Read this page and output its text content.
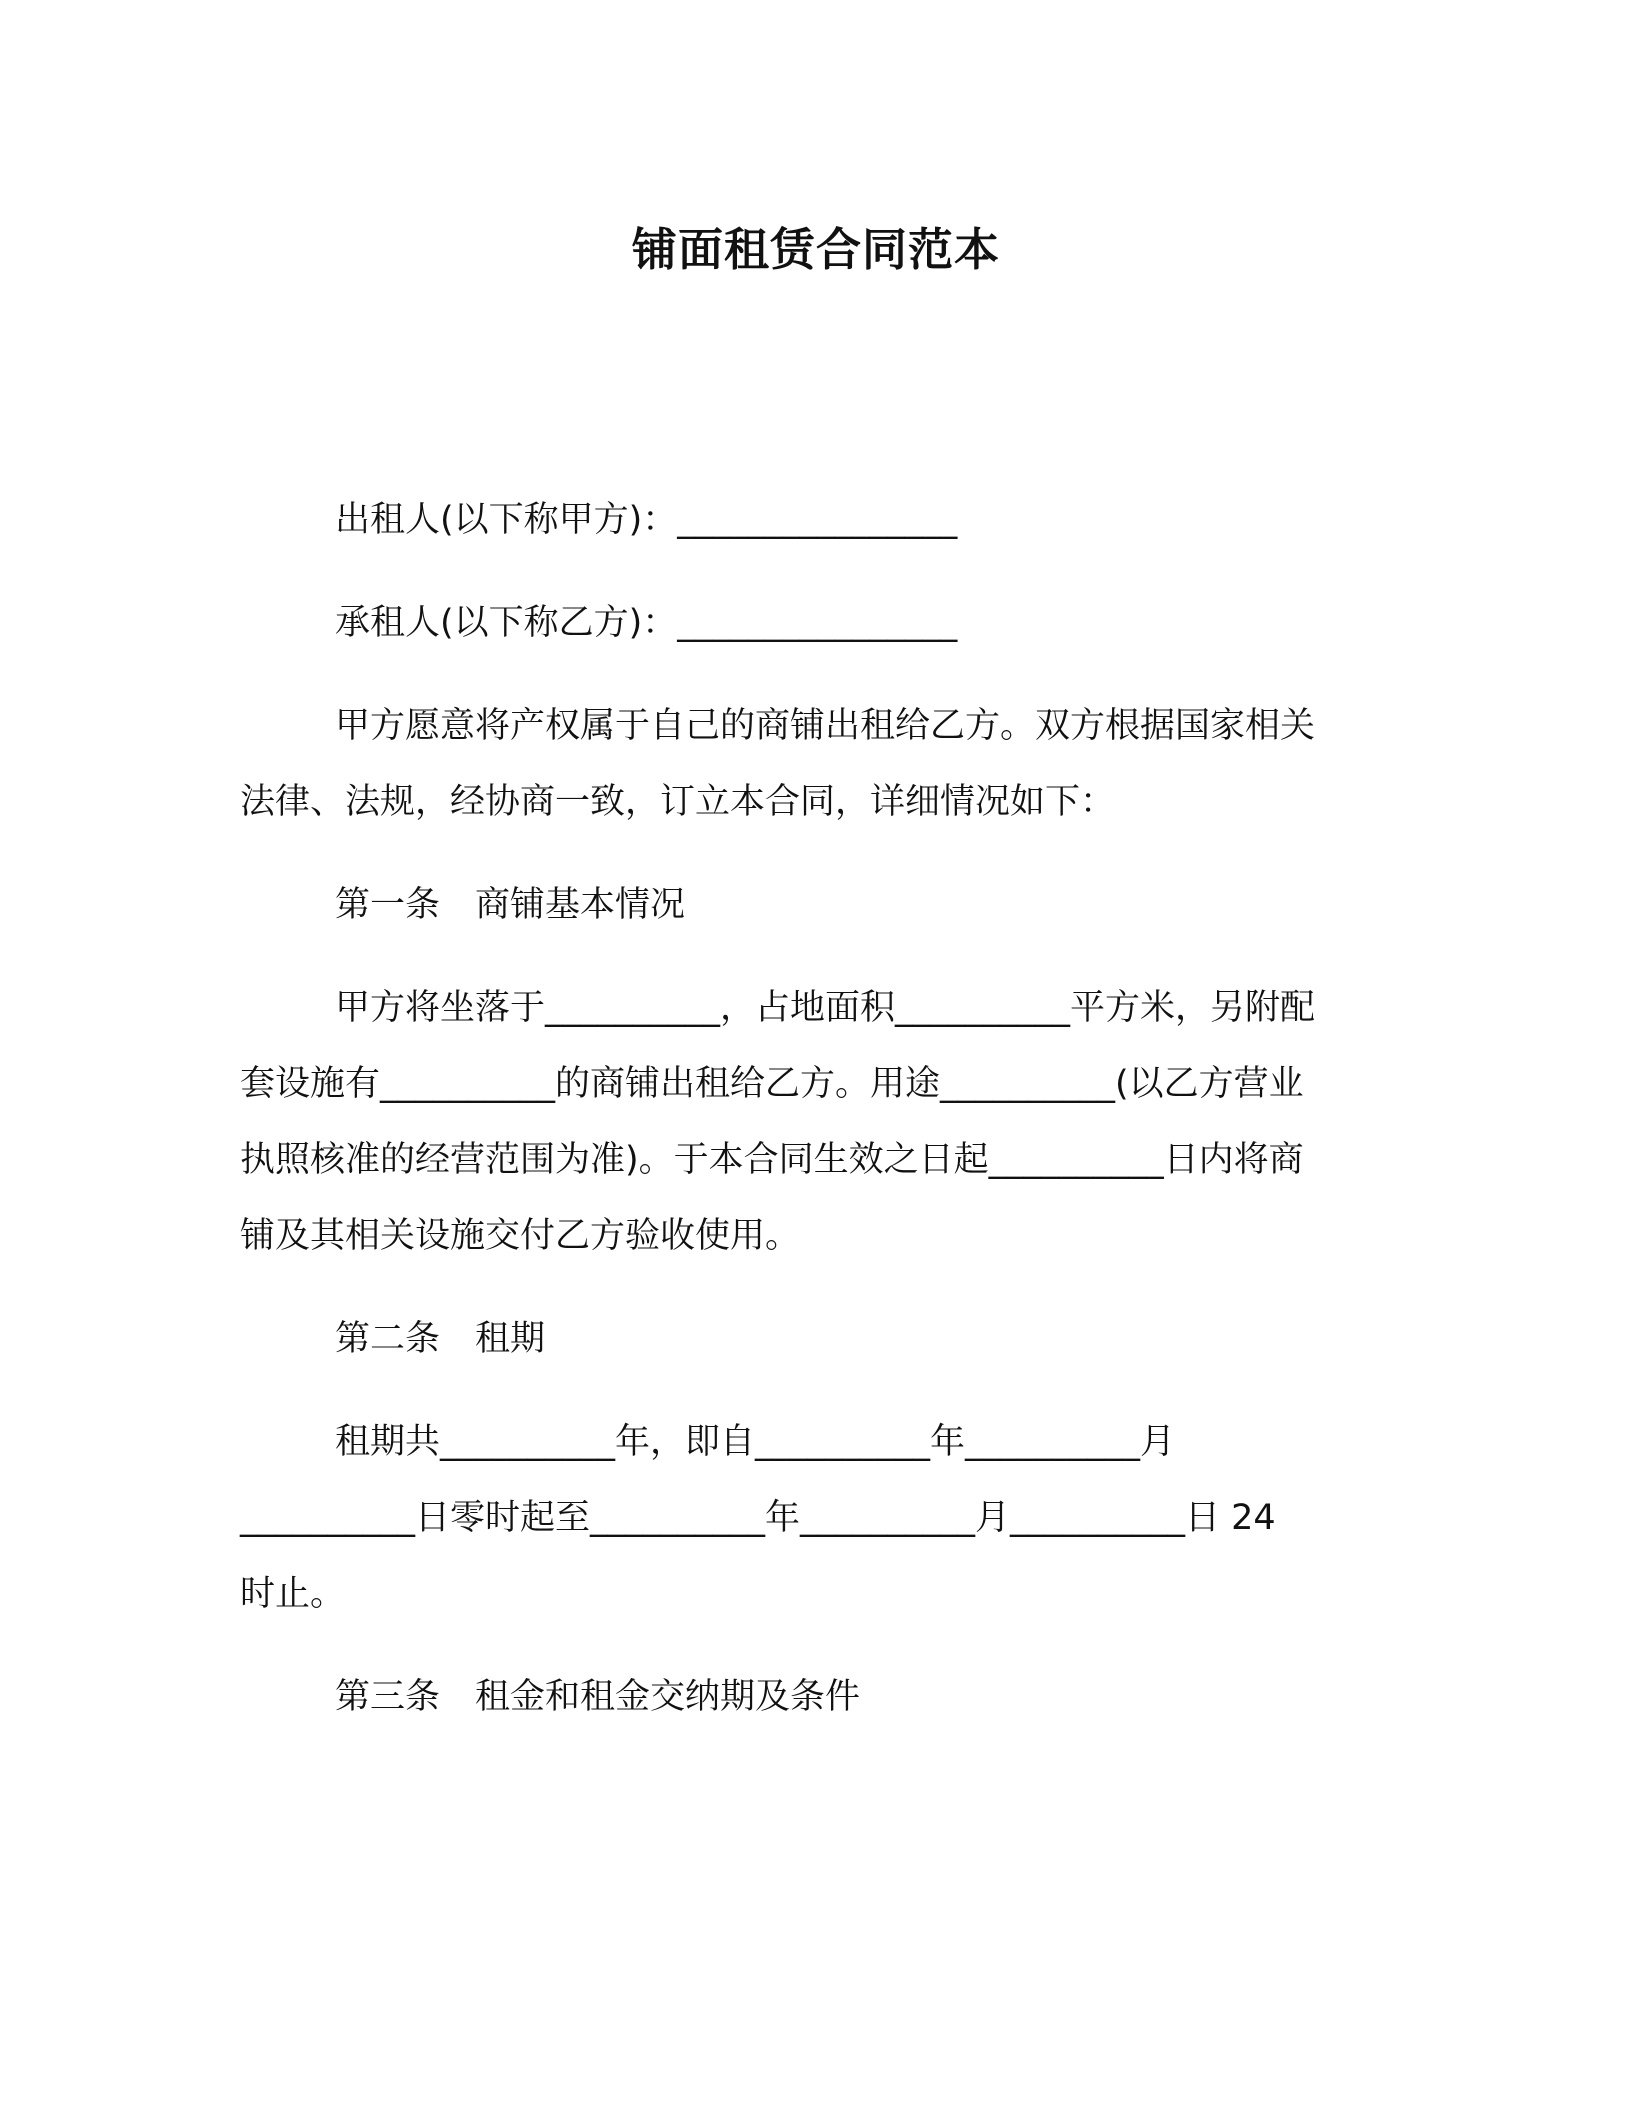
铺面租赁合同范本
出租人(以下称甲方)：________________
承租人(以下称乙方)：________________
甲方愿意将产权属于自己的商铺出租给乙方。双方根据国家相关
法律、法规，经协商一致，订立本合同，详细情况如下：
第一条　商铺基本情况
甲方将坐落于__________，占地面积__________平方米，另附配
套设施有__________的商铺出租给乙方。用途__________(以乙方营业
执照核准的经营范围为准)。于本合同生效之日起__________日内将商
铺及其相关设施交付乙方验收使用。
第二条　租期
租期共__________年，即自__________年__________月
__________日零时起至__________年__________月__________日 24
时止。
第三条　租金和租金交纳期及条件
